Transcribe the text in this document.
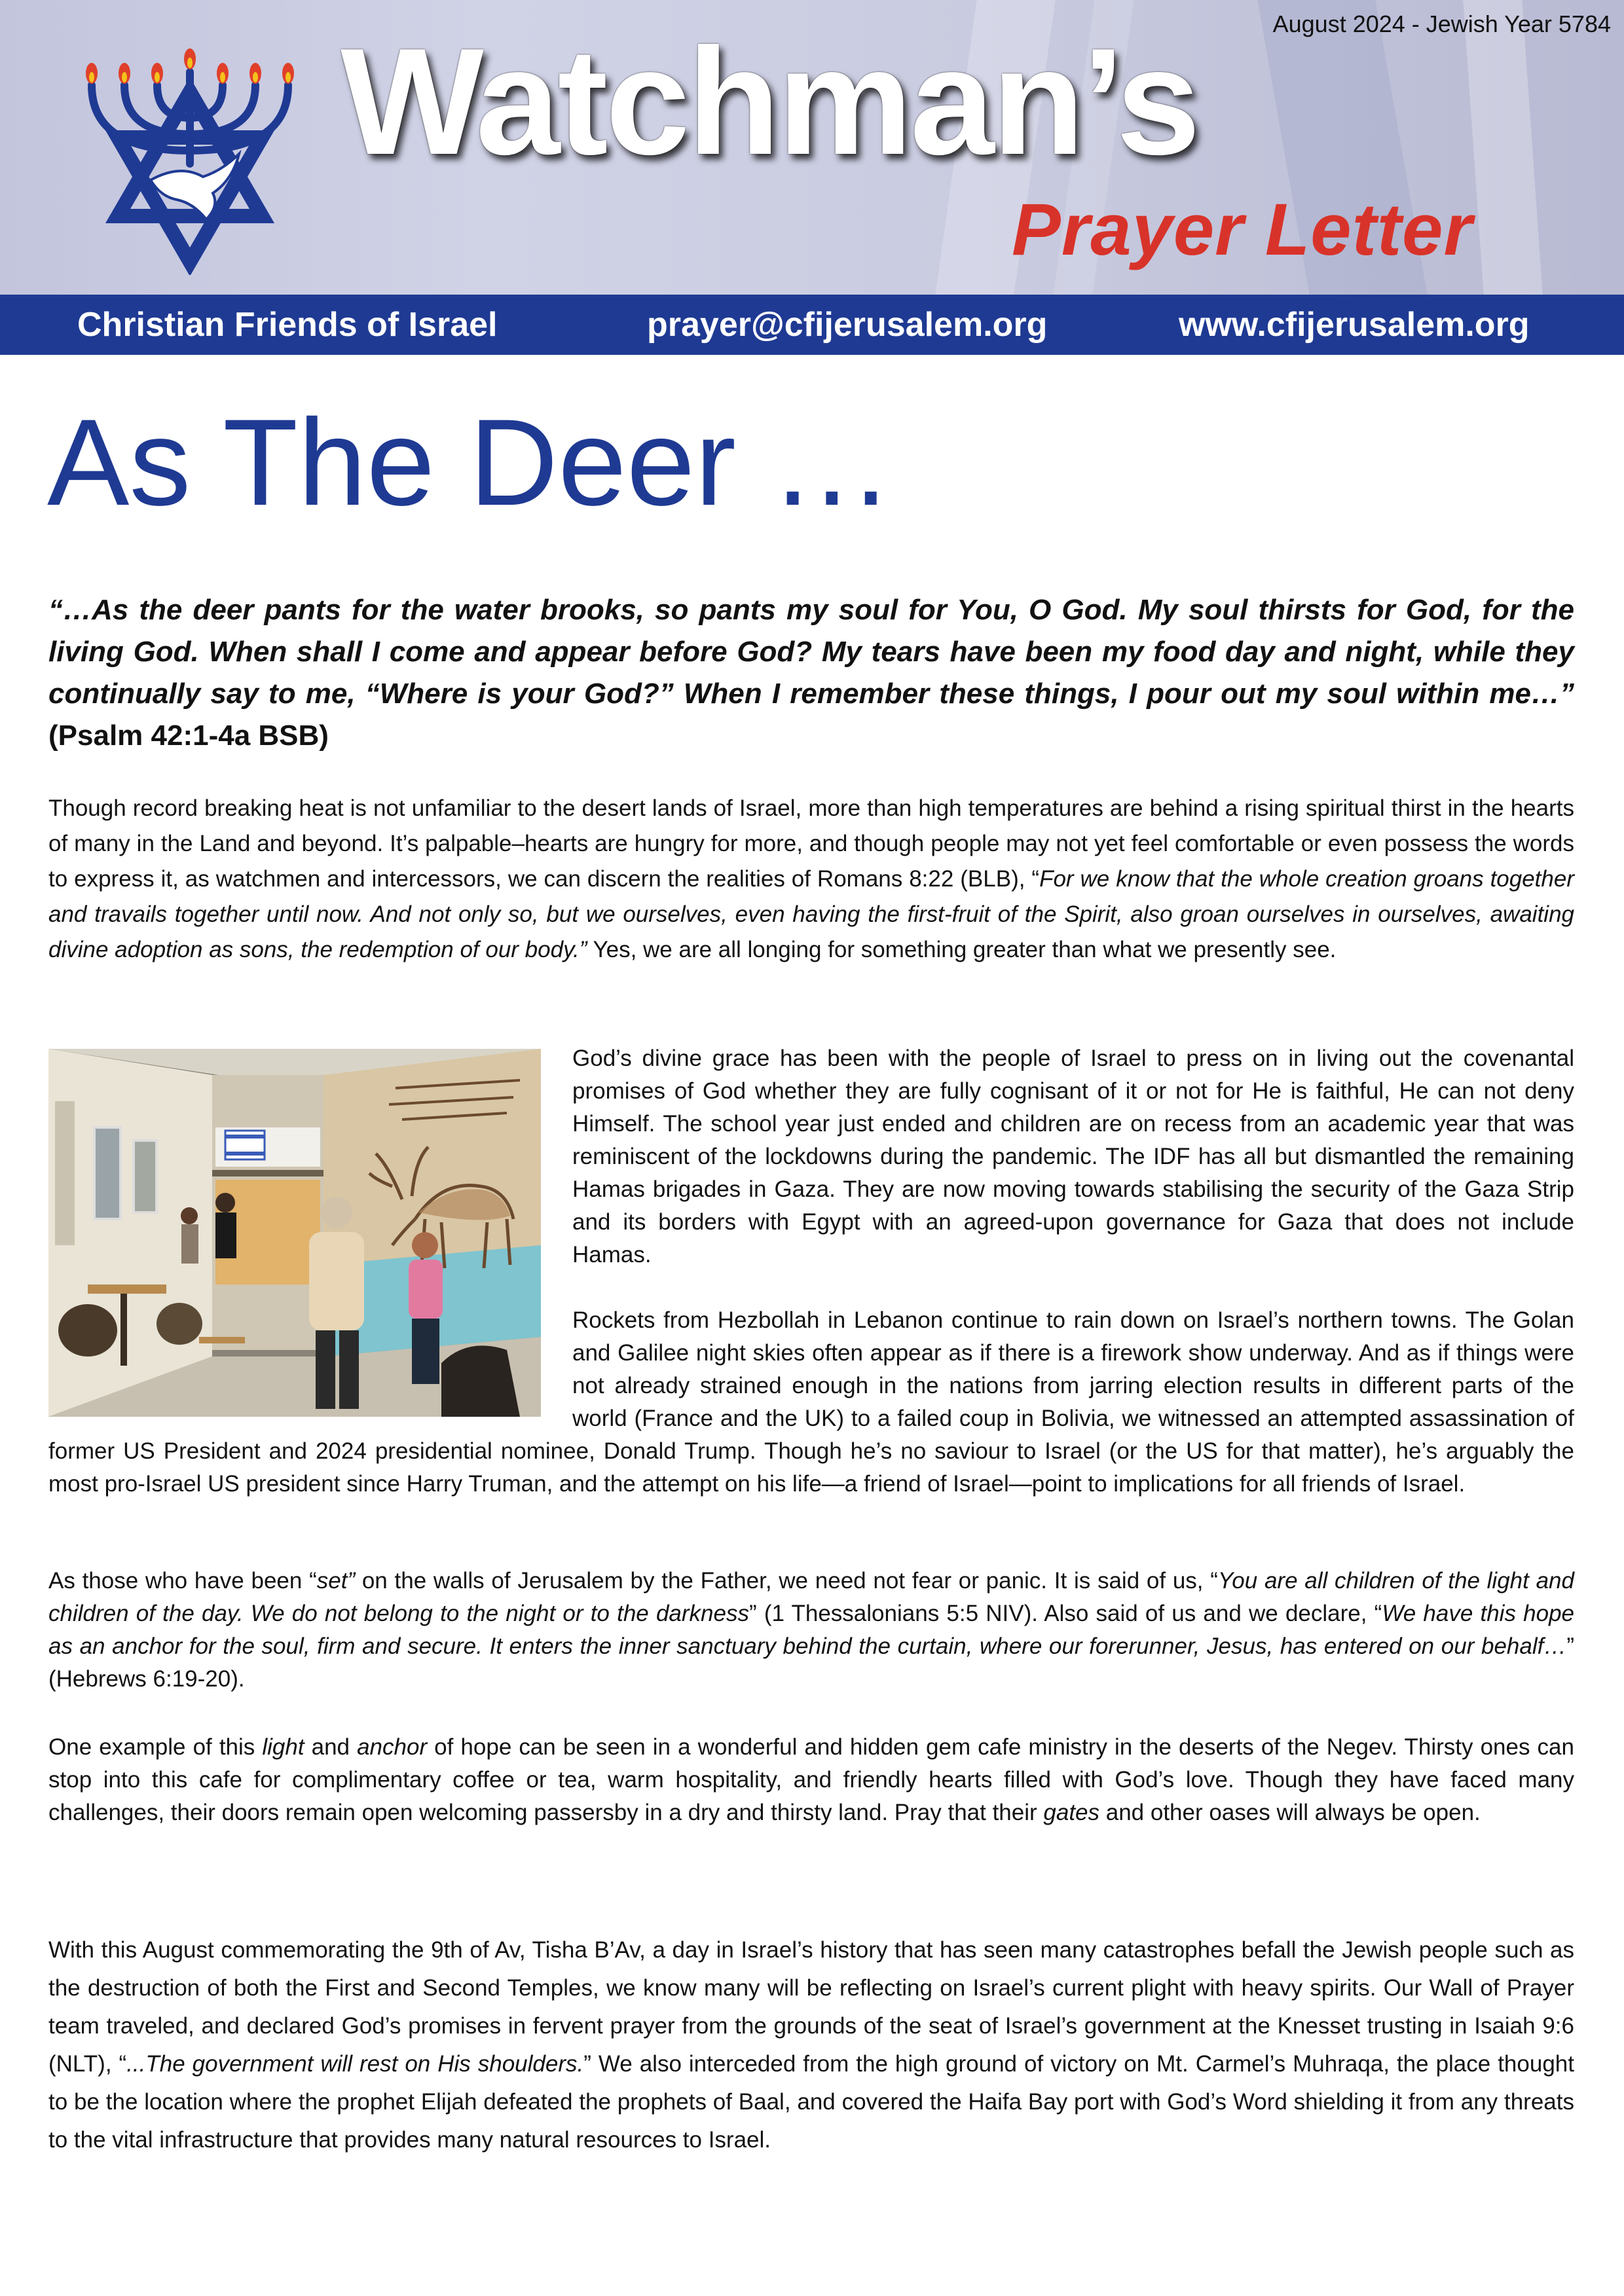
August 2024 - Jewish Year 5784
Watchman’s
Prayer Letter
Christian Friends of Israel	prayer@cfijerusalem.org	www.cfijerusalem.org
As The Deer …
“…As the deer pants for the water brooks, so pants my soul for You, O God. My soul thirsts for God, for the living God. When shall I come and appear before God? My tears have been my food day and night, while they continually say to me, “Where is your God?” When I remember these things, I pour out my soul within me…” (Psalm 42:1-4a BSB)
Though record breaking heat is not unfamiliar to the desert lands of Israel, more than high temperatures are behind a rising spiritual thirst in the hearts of many in the Land and beyond. It’s palpable–hearts are hungry for more, and though people may not yet feel comfortable or even possess the words to express it, as watchmen and intercessors, we can discern the realities of Romans 8:22 (BLB), “For we know that the whole creation groans together and travails together until now. And not only so, but we ourselves, even having the first-fruit of the Spirit, also groan ourselves in ourselves, awaiting divine adoption as sons, the redemption of our body.” Yes, we are all longing for something greater than what we presently see.

God’s divine grace has been with the people of Israel to press on in living out the covenantal promises of God whether they are fully cognisant of it or not for He is faithful, He can not deny Himself. The school year just ended and children are on recess from an academic year that was reminiscent of the lockdowns during the pandemic. The IDF has all but dismantled the remaining Hamas brigades in Gaza. They are now moving towards stabilising the security of the Gaza Strip and its borders with Egypt with an agreed-upon governance for Gaza that does not include Hamas.

Rockets from Hezbollah in Lebanon continue to rain down on Israel’s northern towns. The Golan and Galilee night skies often appear as if there is a firework show underway. And as if things were not already strained enough in the nations from jarring election results in different parts of the world (France and the UK) to a failed coup in Bolivia, we witnessed an attempted assassination of former US President and 2024 presidential nominee, Donald Trump. Though he’s no saviour to Israel (or the US for that matter), he’s arguably the most pro-Israel US president since Harry Truman, and the attempt on his life—a friend of Israel—point to implications for all friends of Israel.

As those who have been “set” on the walls of Jerusalem by the Father, we need not fear or panic. It is said of us, “You are all children of the light and children of the day. We do not belong to the night or to the darkness” (1 Thessalonians 5:5 NIV). Also said of us and we declare, “We have this hope as an anchor for the soul, firm and secure. It enters the inner sanctuary behind the curtain, where our forerunner, Jesus, has entered on our behalf…” (Hebrews 6:19-20).
One example of this light and anchor of hope can be seen in a wonderful and hidden gem cafe ministry in the deserts of the Negev. Thirsty ones can stop into this cafe for complimentary coffee or tea, warm hospitality, and friendly hearts filled with God’s love. Though they have faced many challenges, their doors remain open welcoming passersby in a dry and thirsty land. Pray that their gates and other oases will always be open.
With this August commemorating the 9th of Av, Tisha B’Av, a day in Israel’s history that has seen many catastrophes befall the Jewish people such as the destruction of both the First and Second Temples, we know many will be reflecting on Israel’s current plight with heavy spirits. Our Wall of Prayer team traveled, and declared God’s promises in fervent prayer from the grounds of the seat of Israel’s government at the Knesset trusting in Isaiah 9:6 (NLT), “...The government will rest on His shoulders.” We also interceded from the high ground of victory on Mt. Carmel’s Muhraqa, the place thought to be the location where the prophet Elijah defeated the prophets of Baal, and covered the Haifa Bay port with God’s Word shielding it from any threats to the vital infrastructure that provides many natural resources to Israel.
